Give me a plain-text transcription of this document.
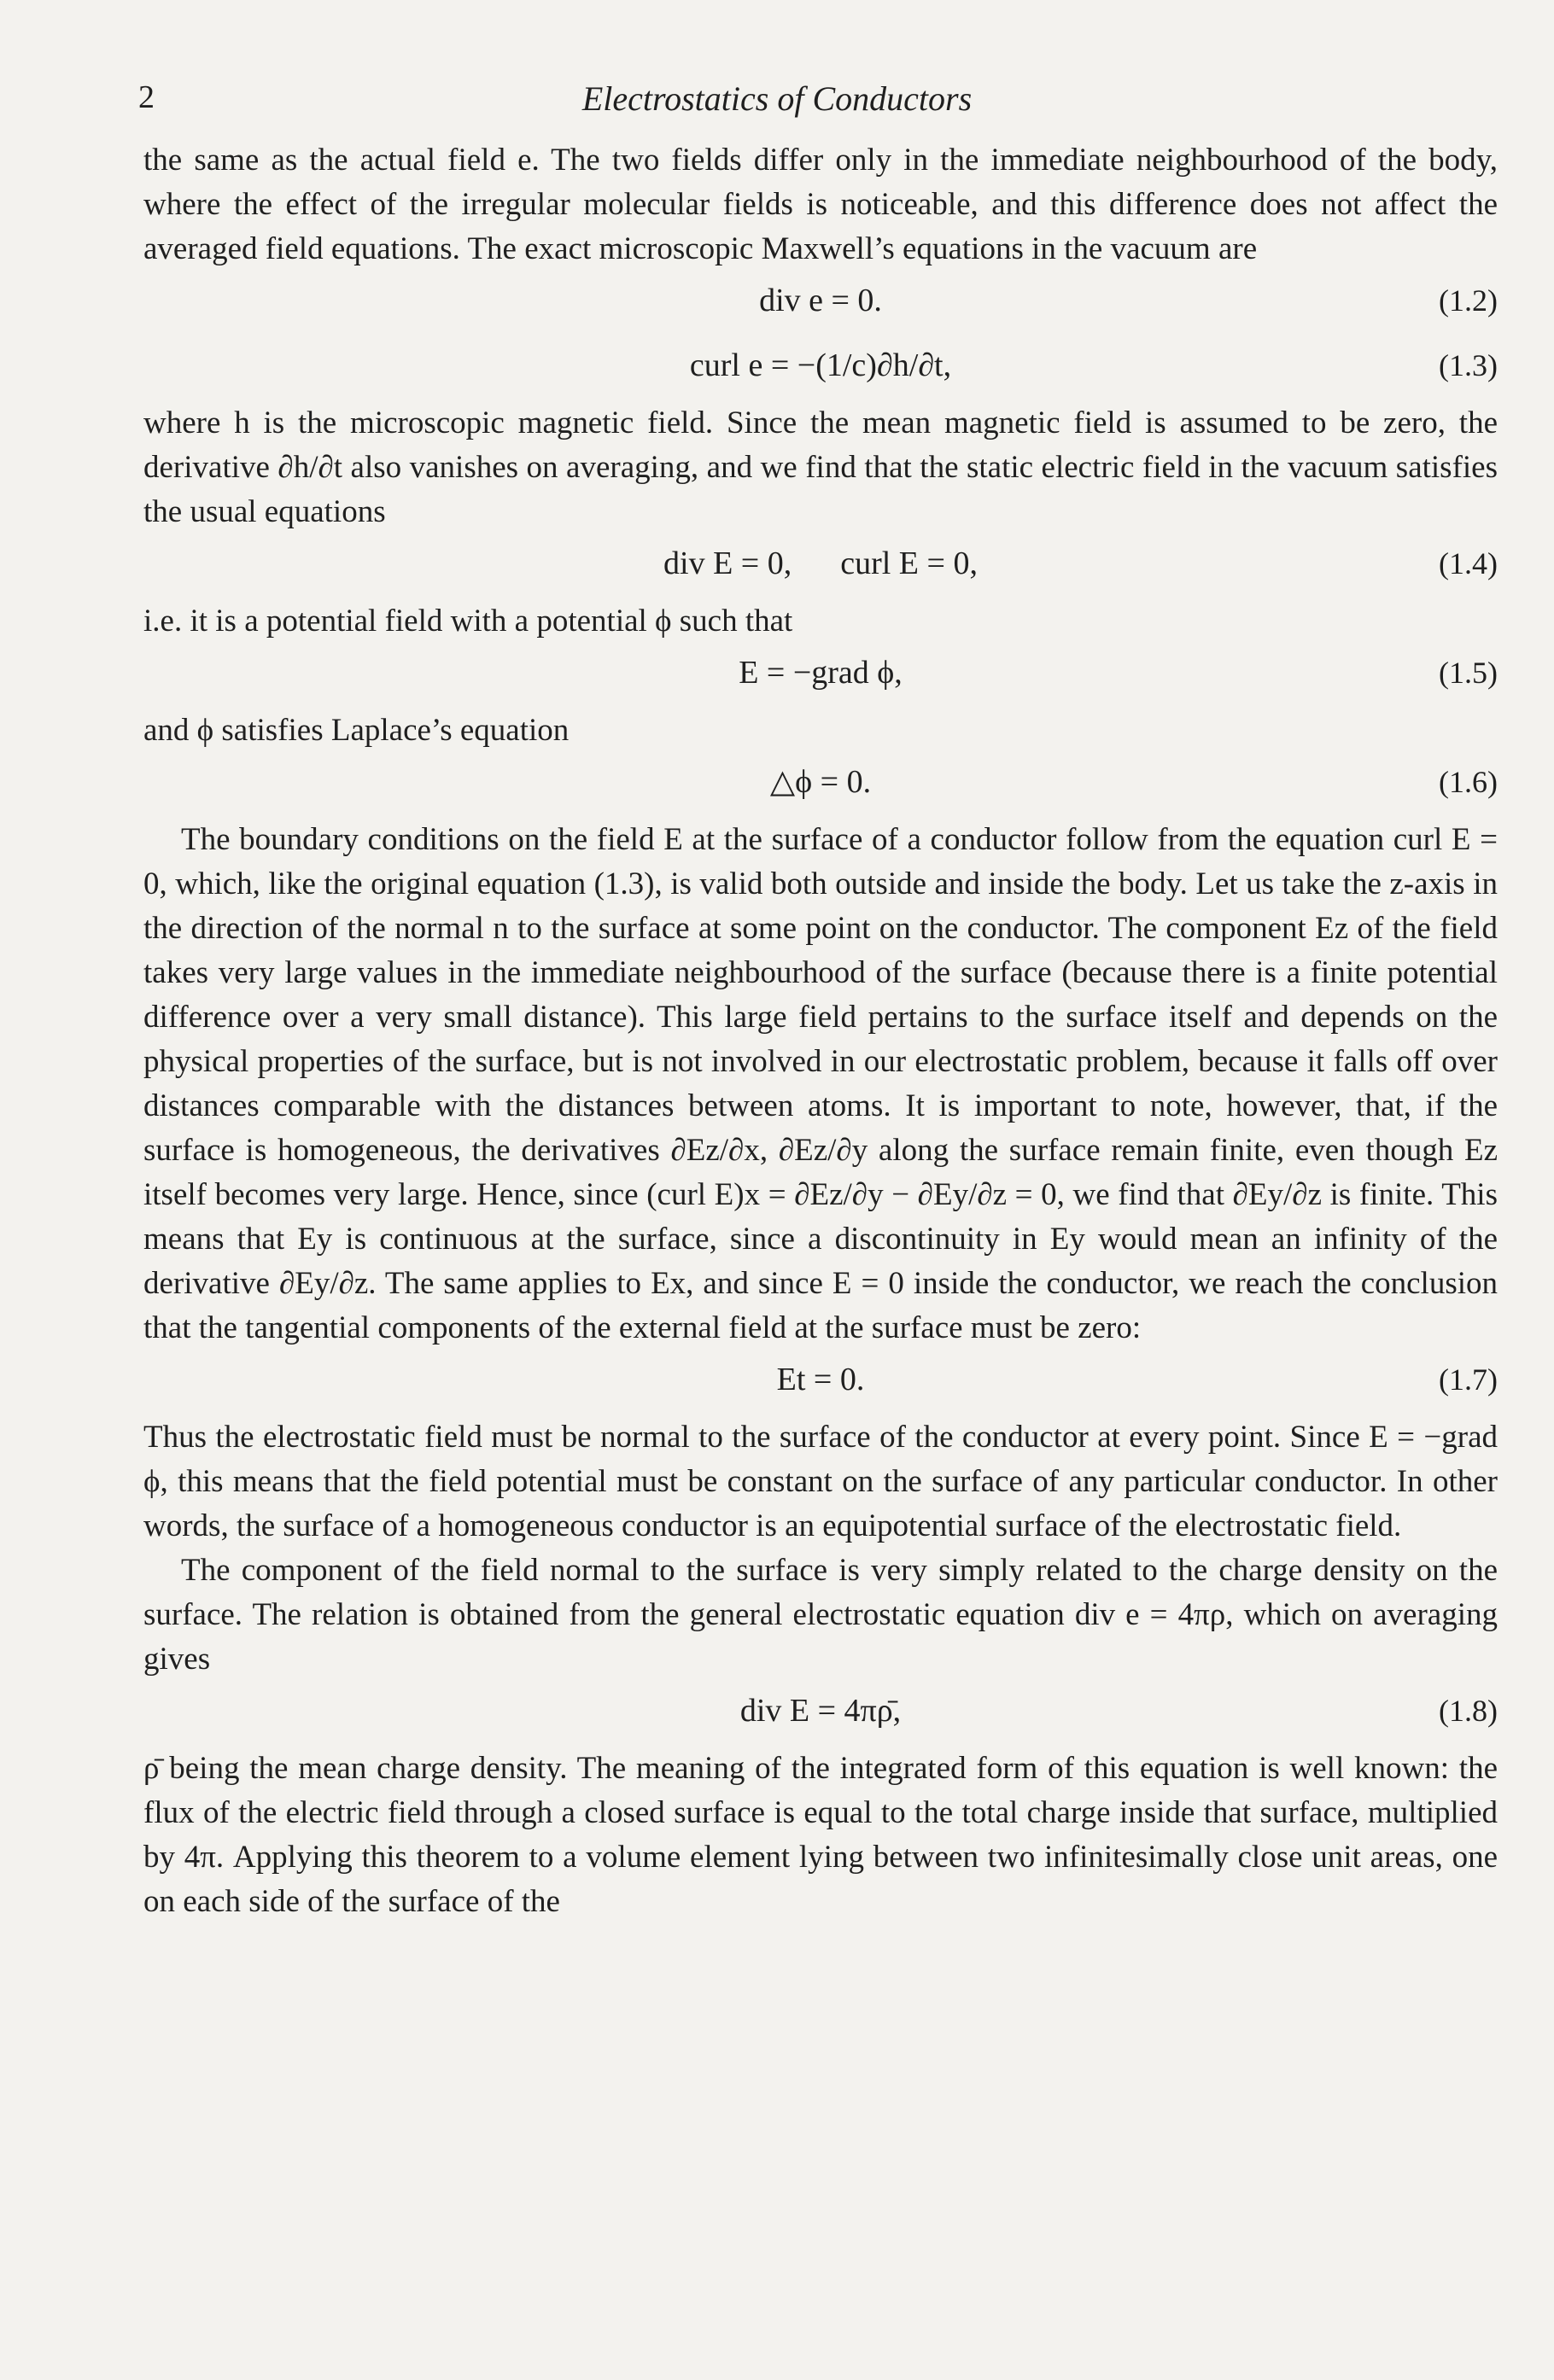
2	Electrostatics of Conductors

the same as the actual field e. The two fields differ only in the immediate neighbourhood of the body, where the effect of the irregular molecular fields is noticeable, and this difference does not affect the averaged field equations. The exact microscopic Maxwell’s equations in the vacuum are

div e = 0.	(1.2)
curl e = −(1/c)∂h/∂t,	(1.3)

where h is the microscopic magnetic field. Since the mean magnetic field is assumed to be zero, the derivative ∂h/∂t also vanishes on averaging, and we find that the static electric field in the vacuum satisfies the usual equations

div E = 0,      curl E = 0,	(1.4)

i.e. it is a potential field with a potential ϕ such that

E = −grad ϕ,	(1.5)

and ϕ satisfies Laplace’s equation

△ϕ = 0.	(1.6)

The boundary conditions on the field E at the surface of a conductor follow from the equation curl E = 0, which, like the original equation (1.3), is valid both outside and inside the body. Let us take the z-axis in the direction of the normal n to the surface at some point on the conductor. The component Ez of the field takes very large values in the immediate neighbourhood of the surface (because there is a finite potential difference over a very small distance). This large field pertains to the surface itself and depends on the physical properties of the surface, but is not involved in our electrostatic problem, because it falls off over distances comparable with the distances between atoms. It is important to note, however, that, if the surface is homogeneous, the derivatives ∂Ez/∂x, ∂Ez/∂y along the surface remain finite, even though Ez itself becomes very large. Hence, since (curl E)x = ∂Ez/∂y − ∂Ey/∂z = 0, we find that ∂Ey/∂z is finite. This means that Ey is continuous at the surface, since a discontinuity in Ey would mean an infinity of the derivative ∂Ey/∂z. The same applies to Ex, and since E = 0 inside the conductor, we reach the conclusion that the tangential components of the external field at the surface must be zero:

Et = 0.	(1.7)

Thus the electrostatic field must be normal to the surface of the conductor at every point. Since E = −grad ϕ, this means that the field potential must be constant on the surface of any particular conductor. In other words, the surface of a homogeneous conductor is an equipotential surface of the electrostatic field.

The component of the field normal to the surface is very simply related to the charge density on the surface. The relation is obtained from the general electrostatic equation div e = 4πρ, which on averaging gives

div E = 4πρ̄,	(1.8)

ρ̄ being the mean charge density. The meaning of the integrated form of this equation is well known: the flux of the electric field through a closed surface is equal to the total charge inside that surface, multiplied by 4π. Applying this theorem to a volume element lying between two infinitesimally close unit areas, one on each side of the surface of the
